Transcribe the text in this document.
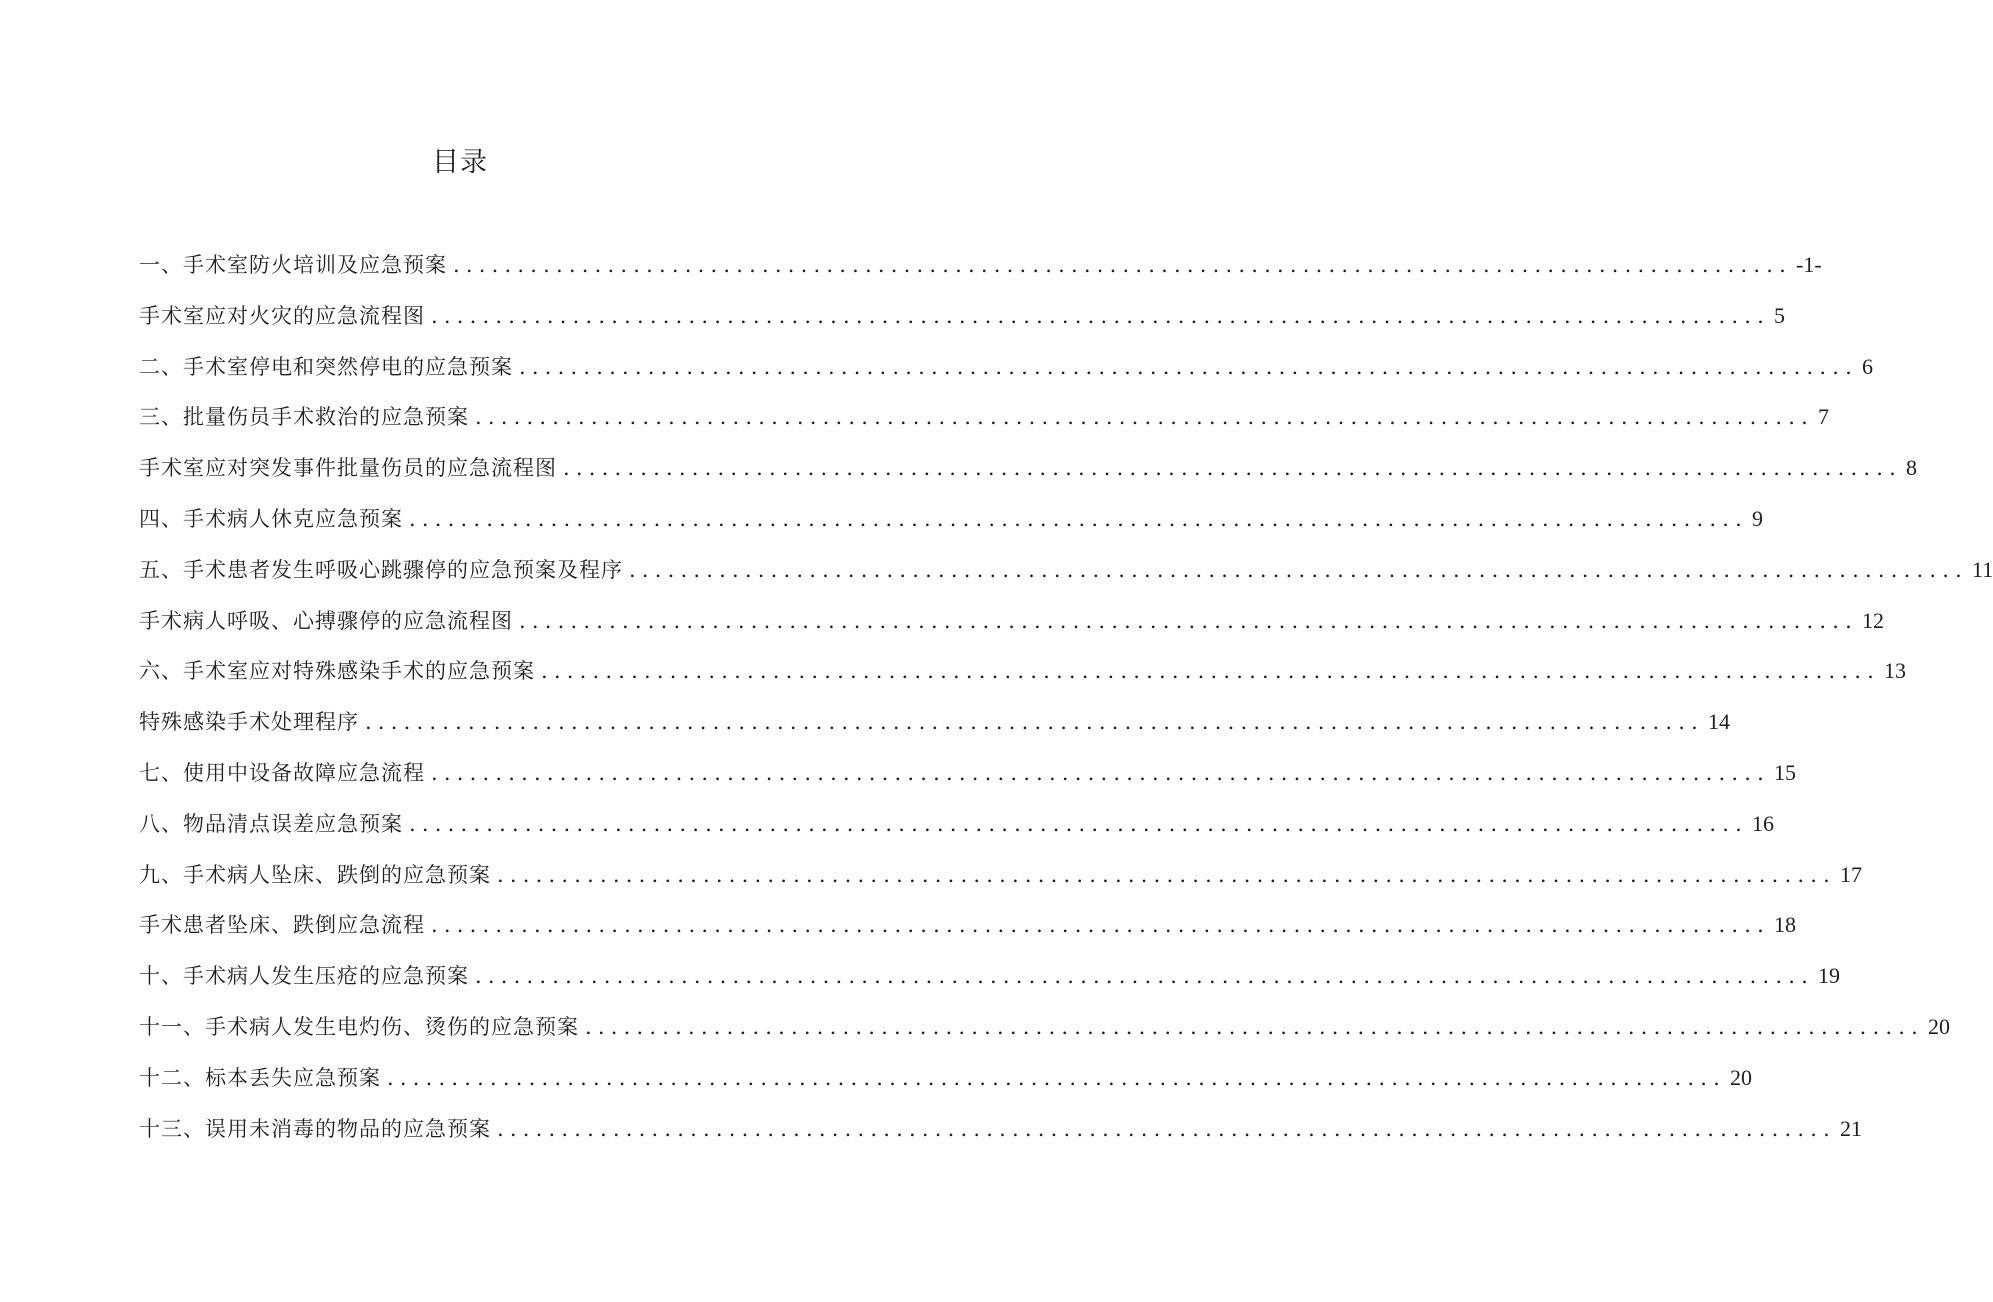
目录
一、手术室防火培训及应急预案 ........................................................................................................ -1-
手术室应对火灾的应急流程图 ........................................................................................................ 5
二、手术室停电和突然停电的应急预案 ........................................................................................................ 6
三、批量伤员手术救治的应急预案 ........................................................................................................ 7
手术室应对突发事件批量伤员的应急流程图 ........................................................................................................ 8
四、手术病人休克应急预案 ........................................................................................................ 9
五、手术患者发生呼吸心跳骤停的应急预案及程序 ........................................................................................................ 11
手术病人呼吸、心搏骤停的应急流程图 ........................................................................................................ 12
六、手术室应对特殊感染手术的应急预案 ........................................................................................................ 13
特殊感染手术处理程序 ........................................................................................................ 14
七、使用中设备故障应急流程 ........................................................................................................ 15
八、物品清点误差应急预案 ........................................................................................................ 16
九、手术病人坠床、跌倒的应急预案 ........................................................................................................ 17
手术患者坠床、跌倒应急流程 ........................................................................................................ 18
十、手术病人发生压疮的应急预案 ........................................................................................................ 19
十一、手术病人发生电灼伤、烫伤的应急预案 ........................................................................................................ 20
十二、标本丢失应急预案 ........................................................................................................ 20
十三、误用未消毒的物品的应急预案 ........................................................................................................ 21
